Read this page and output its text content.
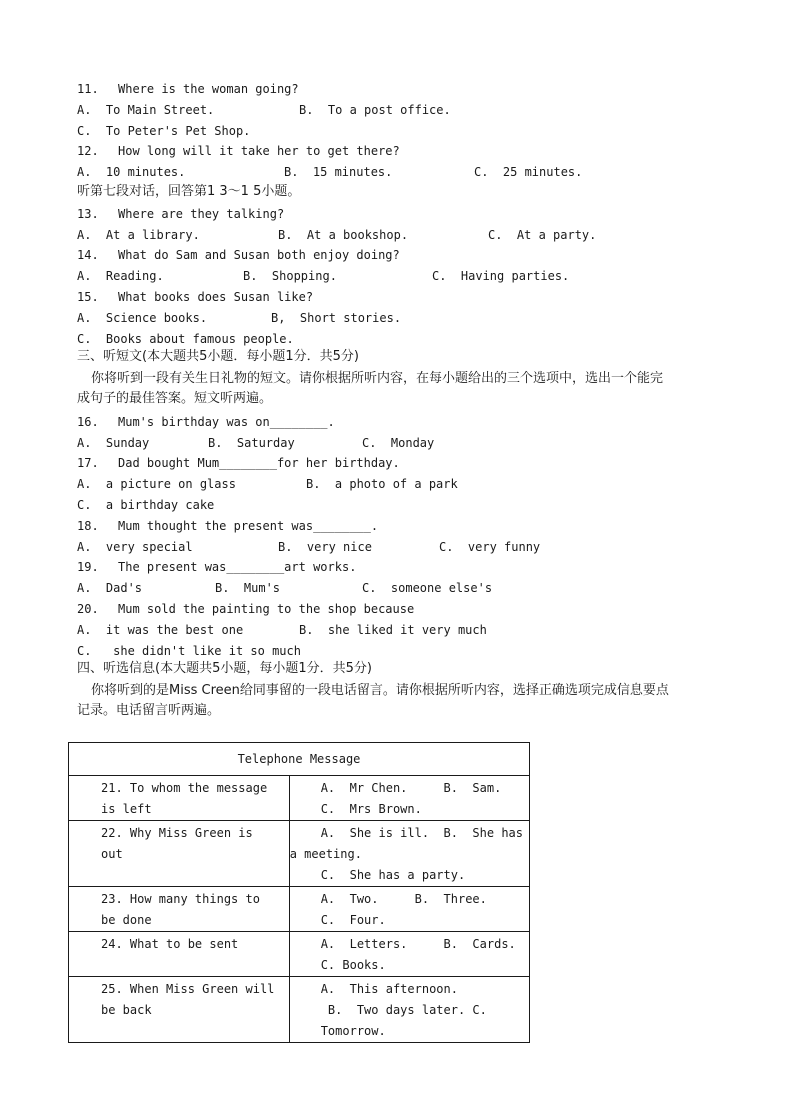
11.

Where is the woman going?

A.  To Main Street.

	B.  To a post office.

C.  To Peter's Pet Shop.

12.

How long will it take her to get there?

A.  10 minutes.

	B.  15 minutes.

	C.  25 minutes.

听第七段对话，回答第1 3～1 5小题。

13.

Where are they talking?

A.  At a library.

	B.  At a bookshop.

	C.  At a party.

14.

What do Sam and Susan both enjoy doing?

A.  Reading.

	B.  Shopping.

	C.  Having parties.

15.

What books does Susan like?

A.  Science books.

	B,  Short stories.

C.  Books about famous people.

三、听短文(本大题共5小题．每小题1分．共5分)
你将听到一段有关生日礼物的短文。请你根据所听内容，在每小题给出的三个选项中，选出一个能完
成句子的最佳答案。短文听两遍。

16.

Mum's birthday was on________.

A.  Sunday

	B.  Saturday

	C.  Monday

17.

Dad bought Mum________for her birthday.

A.  a picture on glass

	B.  a photo of a park

C.  a birthday cake

18.

Mum thought the present was________.

A.  very special

	B.  very nice

	C.  very funny

19.

The present was________art works.

A.  Dad's

	B.  Mum's

	C.  someone else's

20.

Mum sold the painting to the shop because

A.  it was the best one

	B.  she liked it very much

C.   she didn't like it so much

四、听选信息(本大题共5小题，每小题1分．共5分)
你将听到的是Miss Creen给同事留的一段电话留言。请你根据所听内容，选择正确选项完成信息要点
记录。电话留言听两遍。
Telephone Message	

21. To whom the message
is left	A.  Mr Chen.     B.  Sam.
C.  Mrs Brown.

22. Why Miss Green is
out	A.  She is ill.  B.  She has
a meeting.
C.  She has a party.

23. How many things to
be done	A.  Two.     B.  Three.
C.  Four.

24. What to be sent	A.  Letters.     B.  Cards.
C. Books.

25. When Miss Green will
be back	A.  This afternoon.
B.  Two days later. C.
Tomorrow.
